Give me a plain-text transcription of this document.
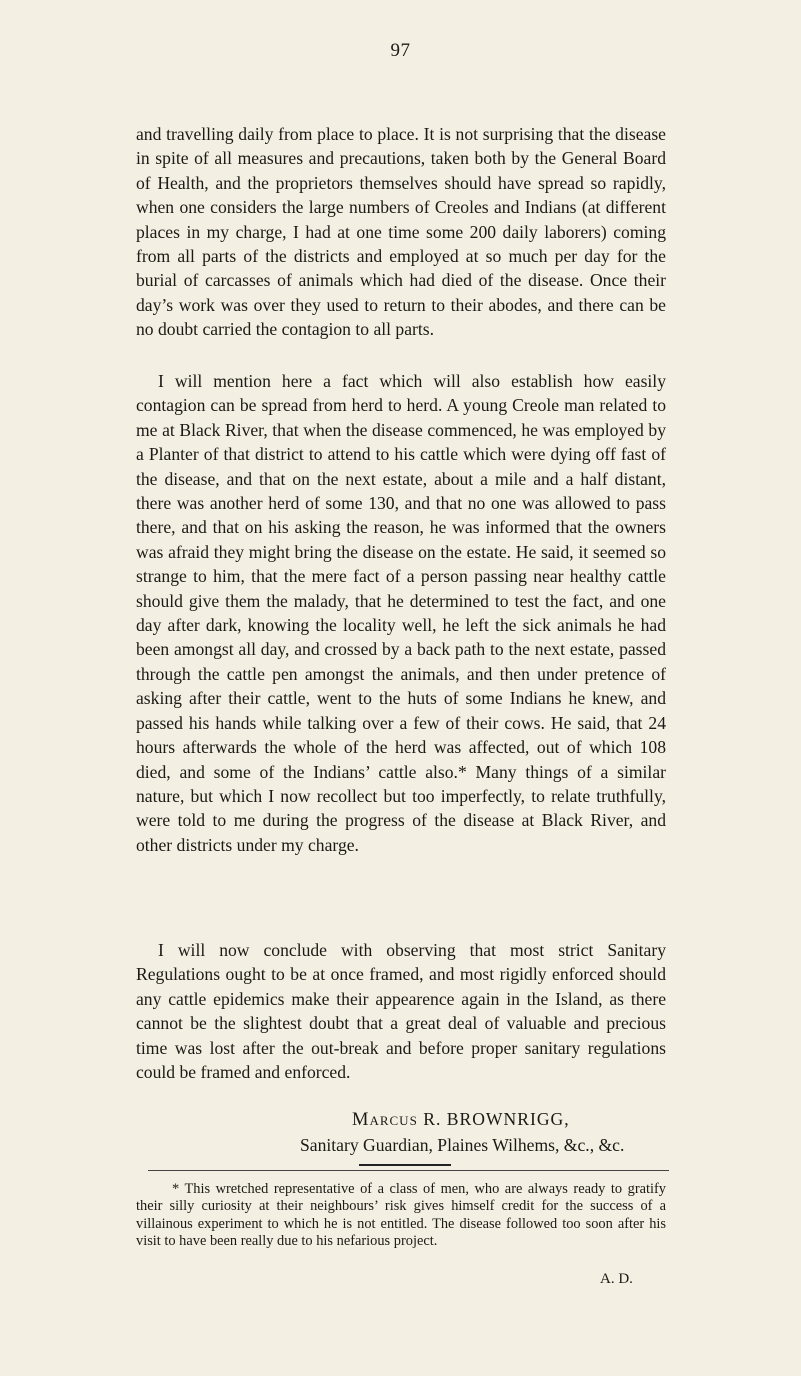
97

and travelling daily from place to place. It is not surprising that the disease in spite of all measures and precautions, taken both by the General Board of Health, and the proprietors themselves should have spread so rapidly, when one considers the large numbers of Creoles and Indians (at different places in my charge, I had at one time some 200 daily laborers) coming from all parts of the districts and employed at so much per day for the burial of carcasses of animals which had died of the disease. Once their day’s work was over they used to return to their abodes, and there can be no doubt carried the contagion to all parts.

I will mention here a fact which will also establish how easily contagion can be spread from herd to herd. A young Creole man related to me at Black River, that when the disease commenced, he was employed by a Planter of that district to attend to his cattle which were dying off fast of the disease, and that on the next estate, about a mile and a half distant, there was another herd of some 130, and that no one was allowed to pass there, and that on his asking the reason, he was informed that the owners was afraid they might bring the disease on the estate. He said, it seemed so strange to him, that the mere fact of a person passing near healthy cattle should give them the malady, that he determined to test the fact, and one day after dark, knowing the locality well, he left the sick animals he had been amongst all day, and crossed by a back path to the next estate, passed through the cattle pen amongst the animals, and then under pretence of asking after their cattle, went to the huts of some Indians he knew, and passed his hands while talking over a few of their cows. He said, that 24 hours afterwards the whole of the herd was affected, out of which 108 died, and some of the Indians’ cattle also.* Many things of a similar nature, but which I now recollect but too imperfectly, to relate truthfully, were told to me during the progress of the disease at Black River, and other districts under my charge.

I will now conclude with observing that most strict Sanitary Regulations ought to be at once framed, and most rigidly enforced should any cattle epidemics make their appearence again in the Island, as there cannot be the slightest doubt that a great deal of valuable and precious time was lost after the out-break and before proper sanitary regulations could be framed and enforced.

Marcus R. BROWNRIGG,
Sanitary Guardian, Plaines Wilhems, &c., &c.

* This wretched representative of a class of men, who are always ready to gratify their silly curiosity at their neighbours’ risk gives himself credit for the success of a villainous experiment to which he is not entitled. The disease followed too soon after his visit to have been really due to his nefarious project.

A. D.
